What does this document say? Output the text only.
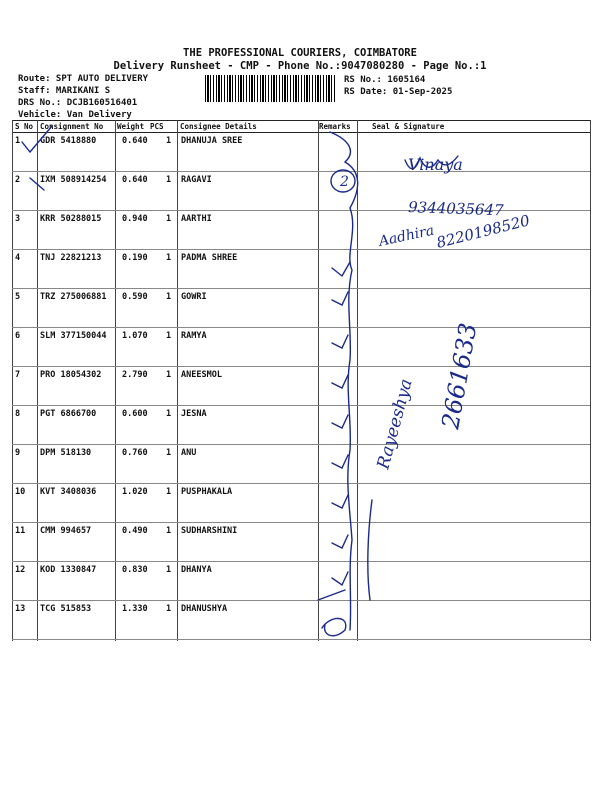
THE PROFESSIONAL COURIERS, COIMBATORE
Delivery Runsheet - CMP - Phone No.:9047080280 - Page No.:1
Route: SPT AUTO DELIVERY
Staff: MARIKANI S
DRS No.: DCJB160516401
Vehicle: Van Delivery
RS No.: 1605164
RS Date: 01-Sep-2025
S No Consignment No Weight PCS Consignee Details	Remarks	Seal & Signature
1 GDR 5418880	0.640 1 DHANUJA SREE
2 IXM 508914254 0.640 1 RAGAVI
3 KRR 50288015 0.940 1 AARTHI
4 TNJ 22821213 0.190 1 PADMA SHREE
5 TRZ 275006881 0.590 1 GOWRI
6 SLM 377150044 1.070 1 RAMYA
7 PRO 18054302 2.790 1 ANEESMOL
8 PGT 6866700	0.600 1 JESNA
9 DPM 518130	0.760 1 ANU
10 KVT 3408036	1.020 1 PUSPHAKALA
11 CMM 994657	0.490 1 SUDHARSHINI
12 KOD 1330847	0.830 1 DHANYA
13 TCG 515853	1.330 1 DHANUSHYA
2
Vinaya
9344035647
Aadhira 8220198520
Rayeeshya 2661633
